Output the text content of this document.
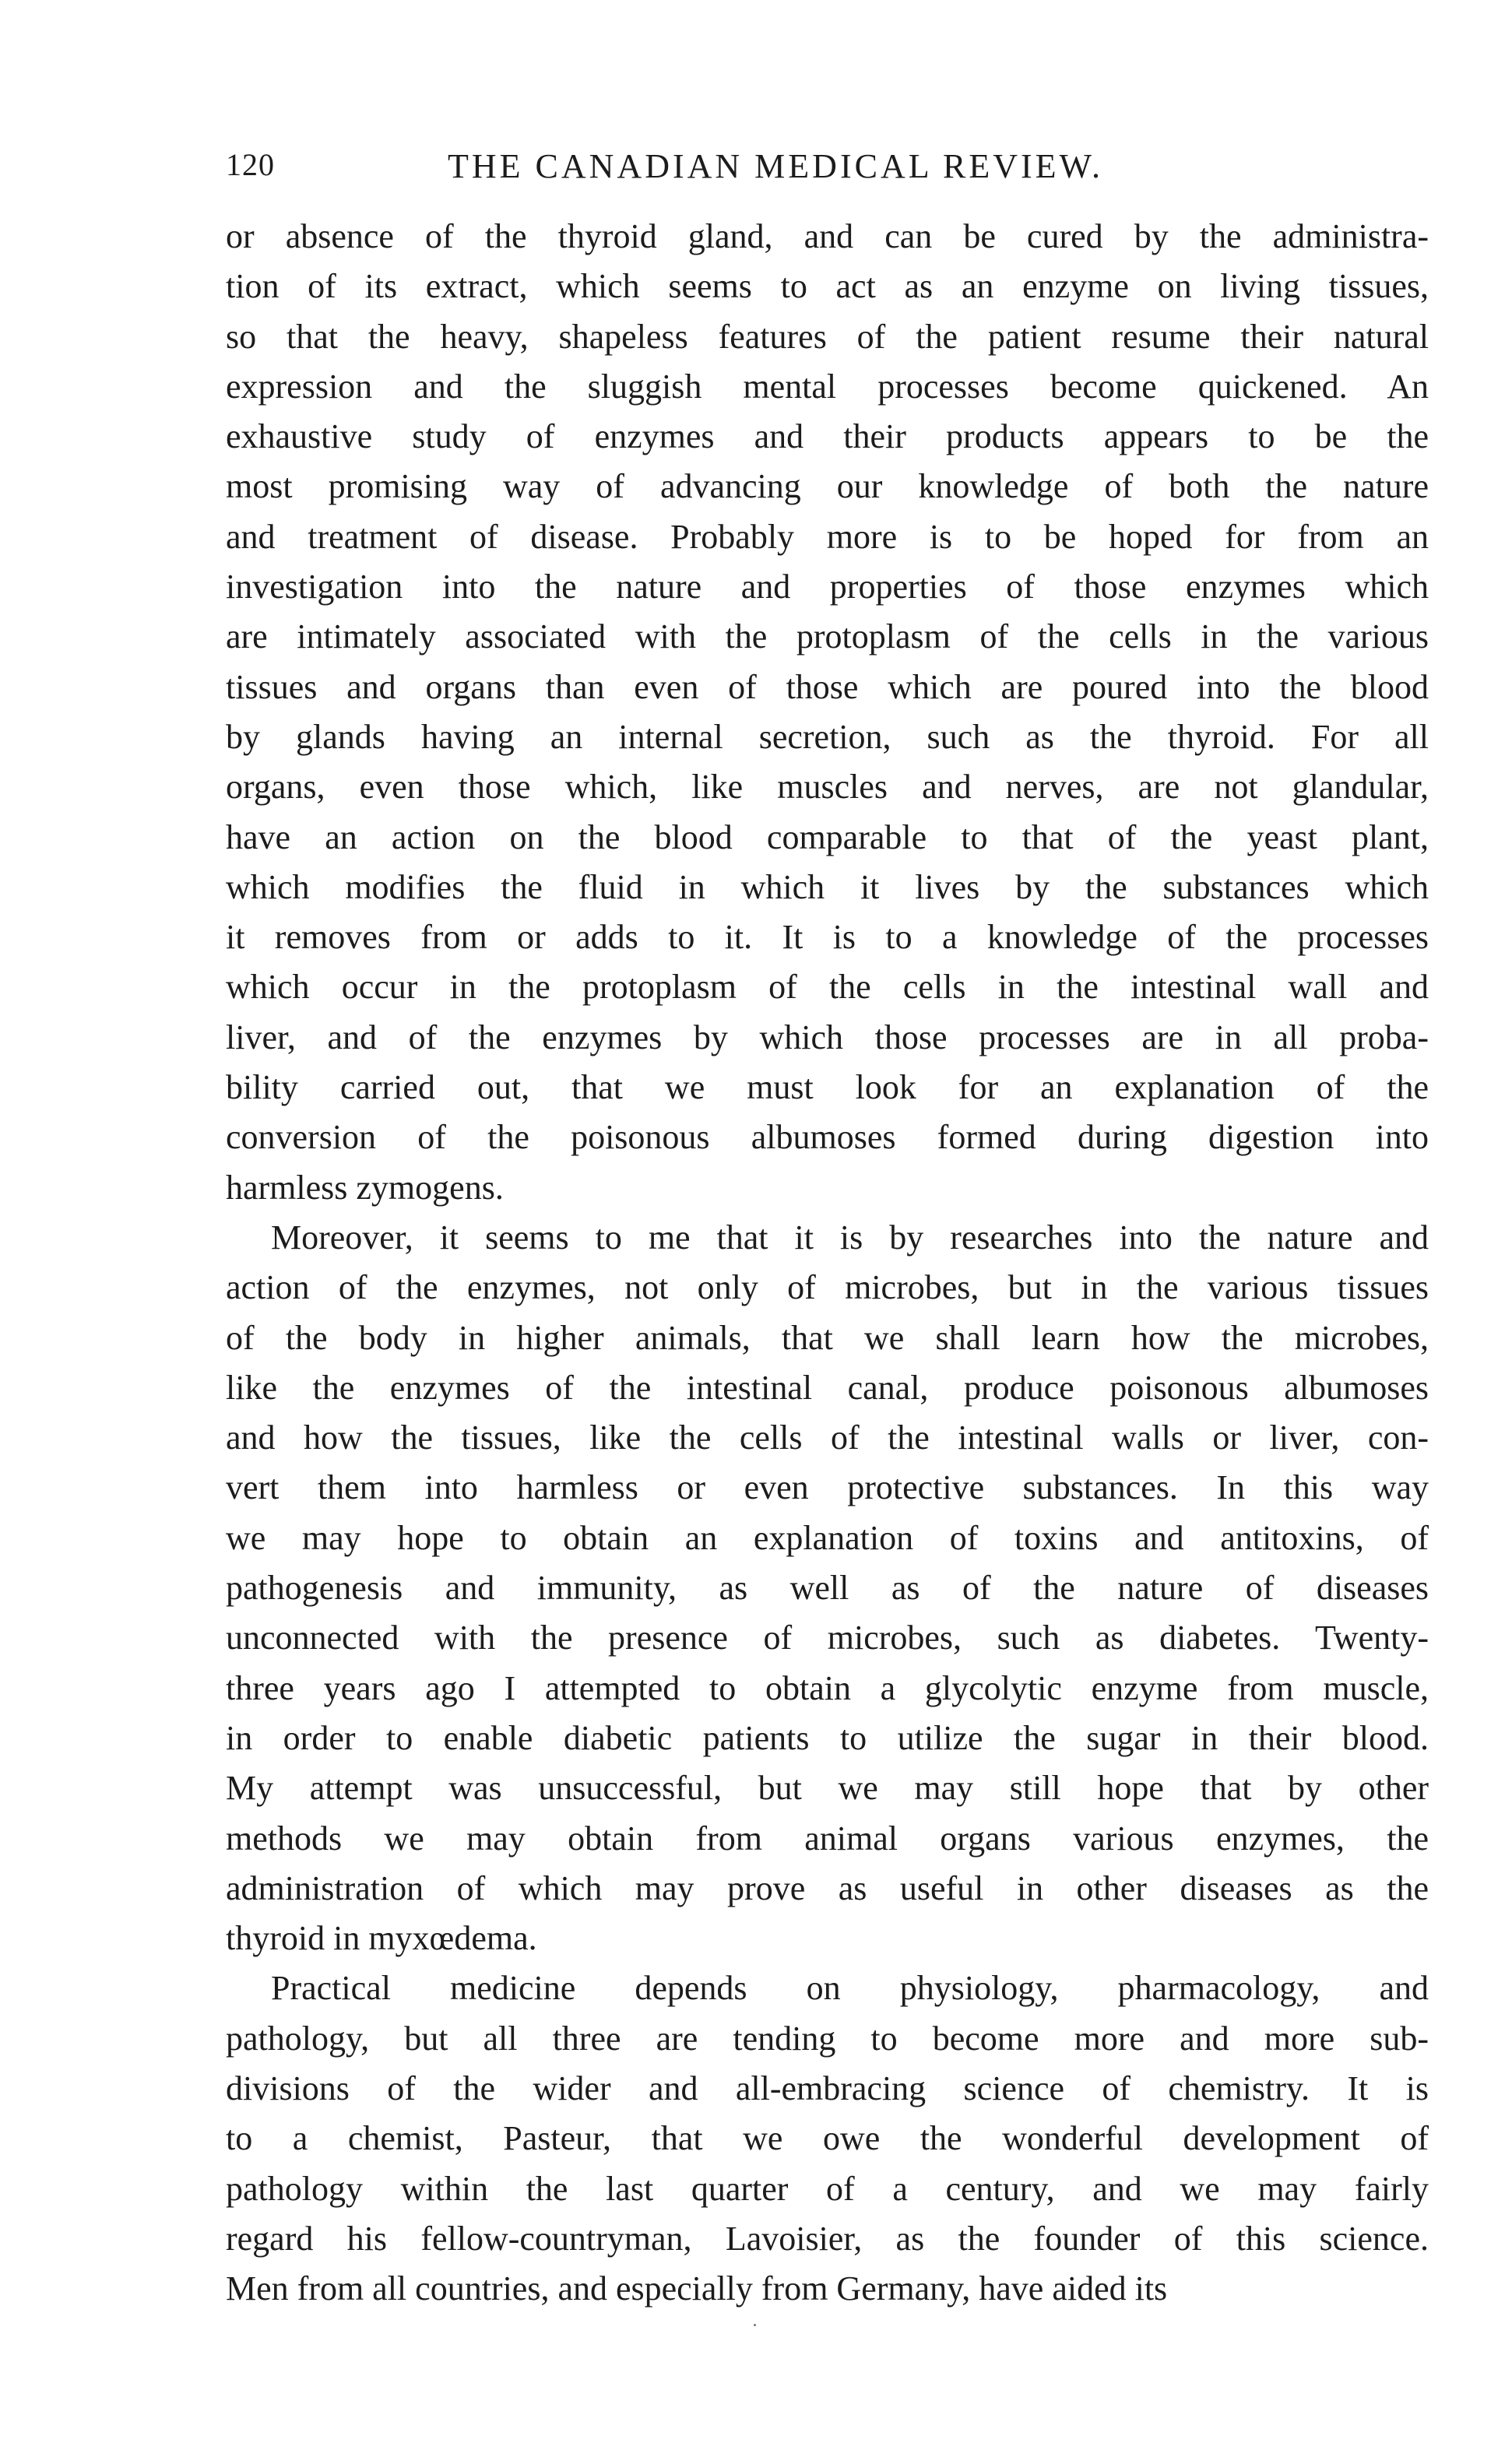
120	THE CANADIAN MEDICAL REVIEW.
or absence of the thyroid gland, and can be cured by the administra-
tion of its extract, which seems to act as an enzyme on living tissues,
so that the heavy, shapeless features of the patient resume their natural
expression and the sluggish mental processes become quickened. An
exhaustive study of enzymes and their products appears to be the
most promising way of advancing our knowledge of both the nature
and treatment of disease. Probably more is to be hoped for from an
investigation into the nature and properties of those enzymes which
are intimately associated with the protoplasm of the cells in the various
tissues and organs than even of those which are poured into the blood
by glands having an internal secretion, such as the thyroid. For all
organs, even those which, like muscles and nerves, are not glandular,
have an action on the blood comparable to that of the yeast plant,
which modifies the fluid in which it lives by the substances which
it removes from or adds to it. It is to a knowledge of the processes
which occur in the protoplasm of the cells in the intestinal wall and
liver, and of the enzymes by which those processes are in all proba-
bility carried out, that we must look for an explanation of the
conversion of the poisonous albumoses formed during digestion into
harmless zymogens.
Moreover, it seems to me that it is by researches into the nature and
action of the enzymes, not only of microbes, but in the various tissues
of the body in higher animals, that we shall learn how the microbes,
like the enzymes of the intestinal canal, produce poisonous albumoses
and how the tissues, like the cells of the intestinal walls or liver, con-
vert them into harmless or even protective substances. In this way
we may hope to obtain an explanation of toxins and antitoxins, of
pathogenesis and immunity, as well as of the nature of diseases
unconnected with the presence of microbes, such as diabetes. Twenty-
three years ago I attempted to obtain a glycolytic enzyme from muscle,
in order to enable diabetic patients to utilize the sugar in their blood.
My attempt was unsuccessful, but we may still hope that by other
methods we may obtain from animal organs various enzymes, the
administration of which may prove as useful in other diseases as the
thyroid in myxœdema.
Practical medicine depends on physiology, pharmacology, and
pathology, but all three are tending to become more and more sub-
divisions of the wider and all-embracing science of chemistry. It is
to a chemist, Pasteur, that we owe the wonderful development of
pathology within the last quarter of a century, and we may fairly
regard his fellow-countryman, Lavoisier, as the founder of this science.
Men from all countries, and especially from Germany, have aided its
